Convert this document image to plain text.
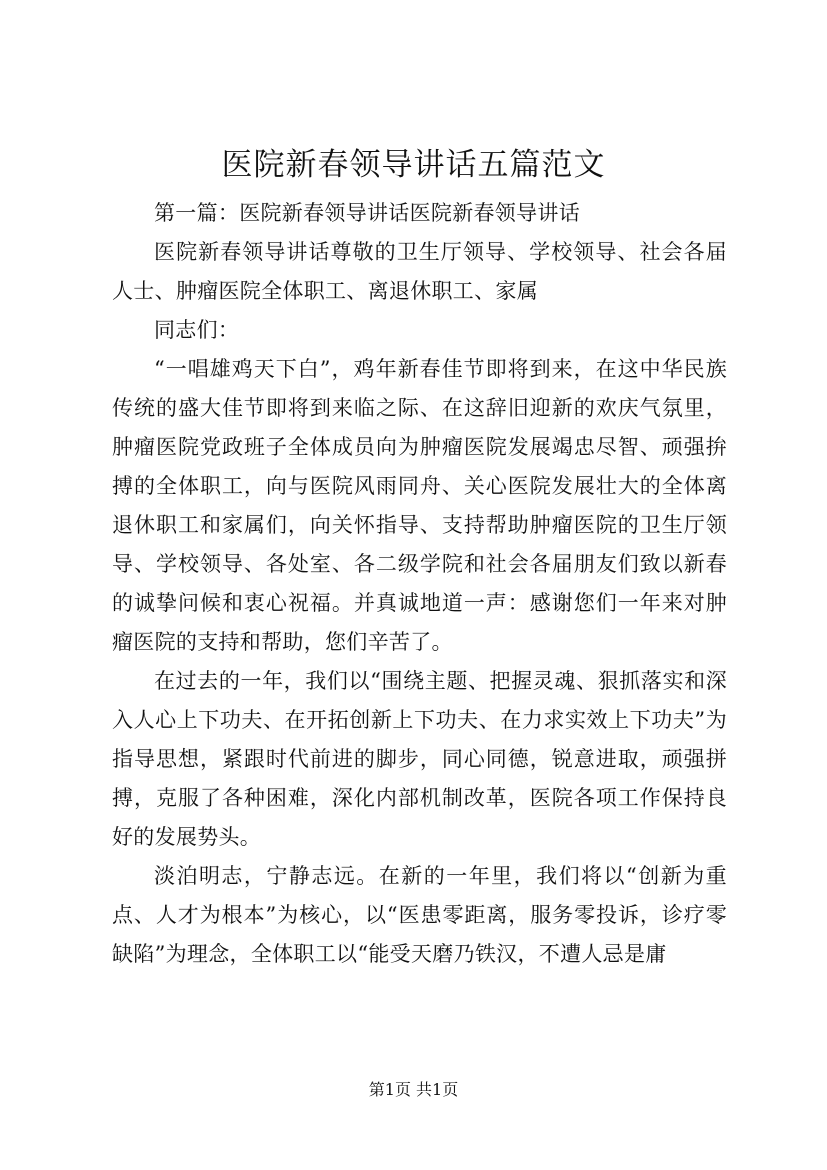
医院新春领导讲话五篇范文

第一篇：医院新春领导讲话医院新春领导讲话

医院新春领导讲话尊敬的卫生厅领导、学校领导、社会各届人士、肿瘤医院全体职工、离退休职工、家属

同志们：

“一唱雄鸡天下白”，鸡年新春佳节即将到来，在这中华民族传统的盛大佳节即将到来临之际、在这辞旧迎新的欢庆气氛里，肿瘤医院党政班子全体成员向为肿瘤医院发展竭忠尽智、顽强拚搏的全体职工，向与医院风雨同舟、关心医院发展壮大的全体离退休职工和家属们，向关怀指导、支持帮助肿瘤医院的卫生厅领导、学校领导、各处室、各二级学院和社会各届朋友们致以新春的诚挚问候和衷心祝福。并真诚地道一声：感谢您们一年来对肿瘤医院的支持和帮助，您们辛苦了。

在过去的一年，我们以“围绕主题、把握灵魂、狠抓落实和深入人心上下功夫、在开拓创新上下功夫、在力求实效上下功夫”为指导思想，紧跟时代前进的脚步，同心同德，锐意进取，顽强拼搏，克服了各种困难，深化内部机制改革，医院各项工作保持良好的发展势头。

淡泊明志，宁静志远。在新的一年里，我们将以“创新为重点、人才为根本”为核心，以“医患零距离，服务零投诉，诊疗零缺陷”为理念，全体职工以“能受天磨乃铁汉，不遭人忌是庸

第1页 共1页
